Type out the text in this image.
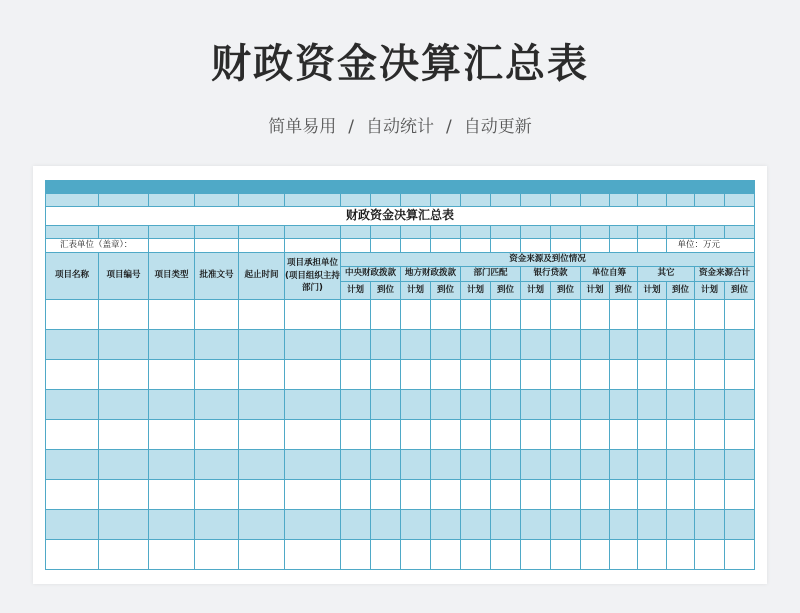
财政资金决算汇总表
简单易用 / 自动统计 / 自动更新

财政资金决算汇总表																			

汇表单位（盖章）：																	单位：万元		
项目名称	项目编号	项目类型	批准文号	起止时间	项目承担单位(项目组织主持部门)	资金来源及到位情况													
						中央财政拨款		地方财政拨款		部门匹配		银行贷款		单位自筹		其它		资金来源合计	
						计划	到位	计划	到位	计划	到位	计划	到位	计划	到位	计划	到位	计划	到位
